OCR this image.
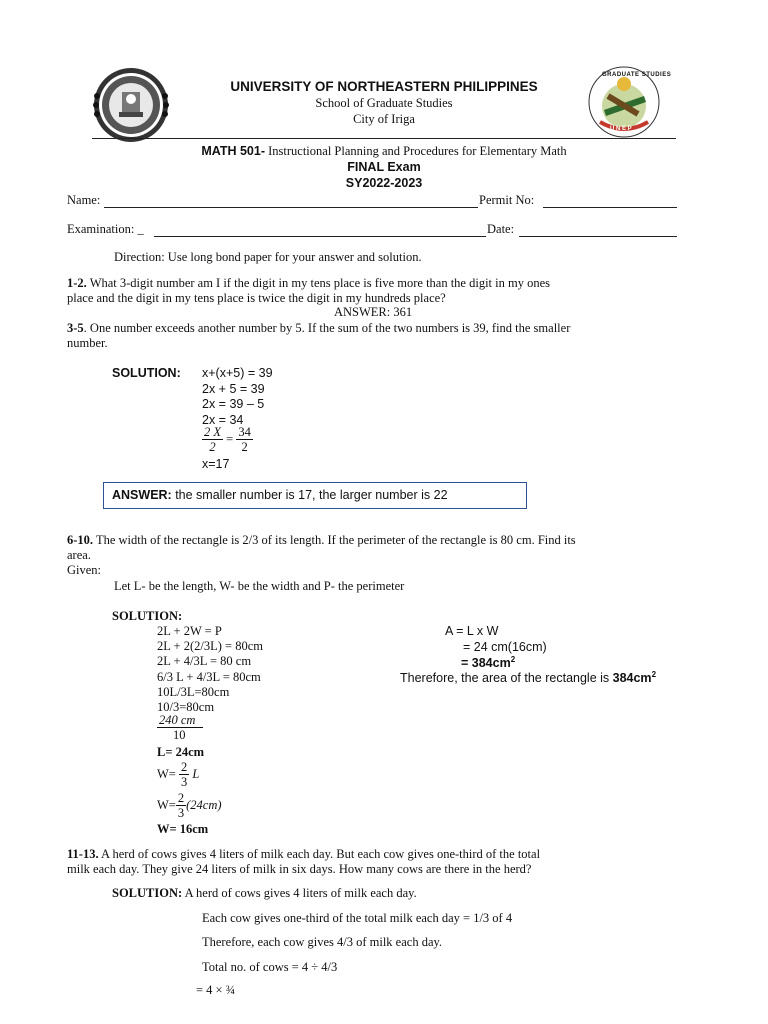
GRADUATE STUDIES
U N E P
UNIVERSITY OF NORTHEASTERN PHILIPPINES
School of Graduate Studies
City of Iriga
MATH 501- Instructional Planning and Procedures for Elementary Math
FINAL Exam
SY2022-2023
Name:	Permit No:
Examination: _	Date:
Direction: Use long bond paper for your answer and solution.
1-2. What 3-digit number am I if the digit in my tens place is five more than the digit in my ones
place and the digit in my tens place is twice the digit in my hundreds place?
ANSWER: 361
3-5. One number exceeds another number by 5. If the sum of the two numbers is 39, find the smaller
number.
SOLUTION: x+(x+5) = 39
2x + 5 = 39
2x = 39 – 5
2x = 34
$\frac{2 X}{2} = \frac{34}{2}$
x=17
ANSWER: the smaller number is 17, the larger number is 22
6-10. The width of the rectangle is 2/3 of its length. If the perimeter of the rectangle is 80 cm. Find its
area.
Given:
Let L- be the length, W- be the width and P- the perimeter
SOLUTION:
2L + 2W = P
2L + 2(2/3L) = 80cm
2L + 4/3L = 80 cm
6/3 L + 4/3L = 80cm
10L/3L=80cm
10/3=80cm
$\frac{240 cm}{10}$
L= 24cm
$W= \frac{2}{3}$ L
$W= \frac{2}{3} (24cm)$
W= 16cm
A = L x W
= 24 cm(16cm)
= $384cm^2$
Therefore, the area of the rectangle is $384cm^2$
11-13. A herd of cows gives 4 liters of milk each day. But each cow gives one-third of the total
milk each day. They give 24 liters of milk in six days. How many cows are there in the herd?
SOLUTION: A herd of cows gives 4 liters of milk each day.
Each cow gives one-third of the total milk each day = 1/3 of 4
Therefore, each cow gives 4/3 of milk each day.
Total no. of cows = 4 ÷ 4/3
= 4 × ¾
